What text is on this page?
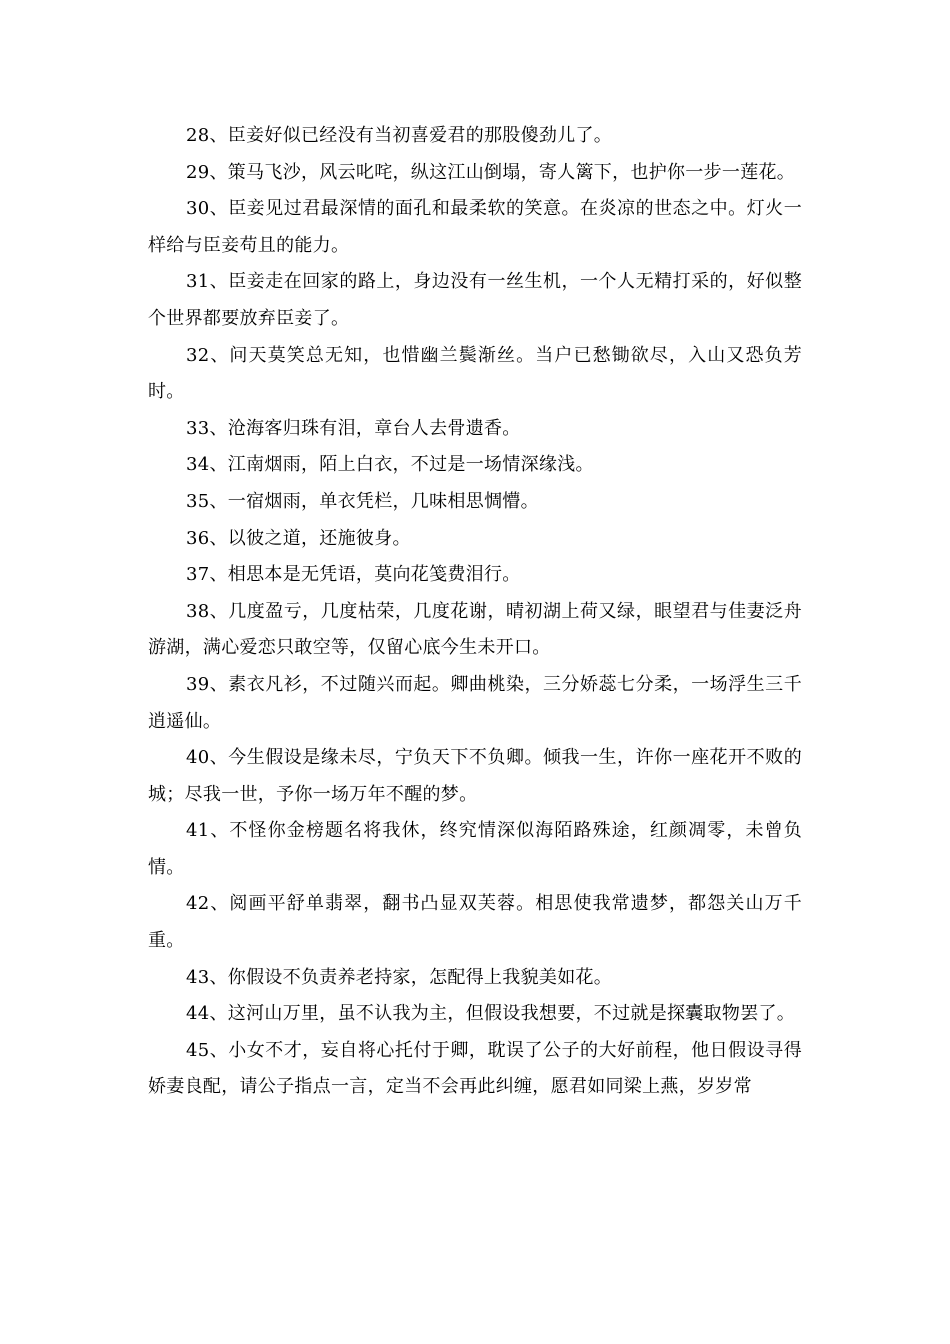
28、臣妾好似已经没有当初喜爱君的那股傻劲儿了。

29、策马飞沙，风云叱咤，纵这江山倒塌，寄人篱下，也护你一步一莲花。

30、臣妾见过君最深情的面孔和最柔软的笑意。在炎凉的世态之中。灯火一样给与臣妾苟且的能力。

31、臣妾走在回家的路上，身边没有一丝生机，一个人无精打采的，好似整个世界都要放弃臣妾了。

32、问天莫笑总无知，也惜幽兰鬓渐丝。当户已愁锄欲尽，入山又恐负芳时。

33、沧海客归珠有泪，章台人去骨遗香。

34、江南烟雨，陌上白衣，不过是一场情深缘浅。

35、一宿烟雨，单衣凭栏，几味相思惆懵。

36、以彼之道，还施彼身。

37、相思本是无凭语，莫向花笺费泪行。

38、几度盈亏，几度枯荣，几度花谢，晴初湖上荷又绿，眼望君与佳妻泛舟游湖，满心爱恋只敢空等，仅留心底今生未开口。

39、素衣凡衫，不过随兴而起。卿曲桃染，三分娇蕊七分柔，一场浮生三千逍遥仙。

40、今生假设是缘未尽，宁负天下不负卿。倾我一生，许你一座花开不败的城；尽我一世，予你一场万年不醒的梦。

41、不怪你金榜题名将我休，终究情深似海陌路殊途，红颜凋零，未曾负情。

42、阅画平舒单翡翠，翻书凸显双芙蓉。相思使我常遗梦，都怨关山万千重。

43、你假设不负责养老持家，怎配得上我貌美如花。

44、这河山万里，虽不认我为主，但假设我想要，不过就是探囊取物罢了。

45、小女不才，妄自将心托付于卿，耽误了公子的大好前程，他日假设寻得娇妻良配，请公子指点一言，定当不会再此纠缠，愿君如同梁上燕，岁岁常
